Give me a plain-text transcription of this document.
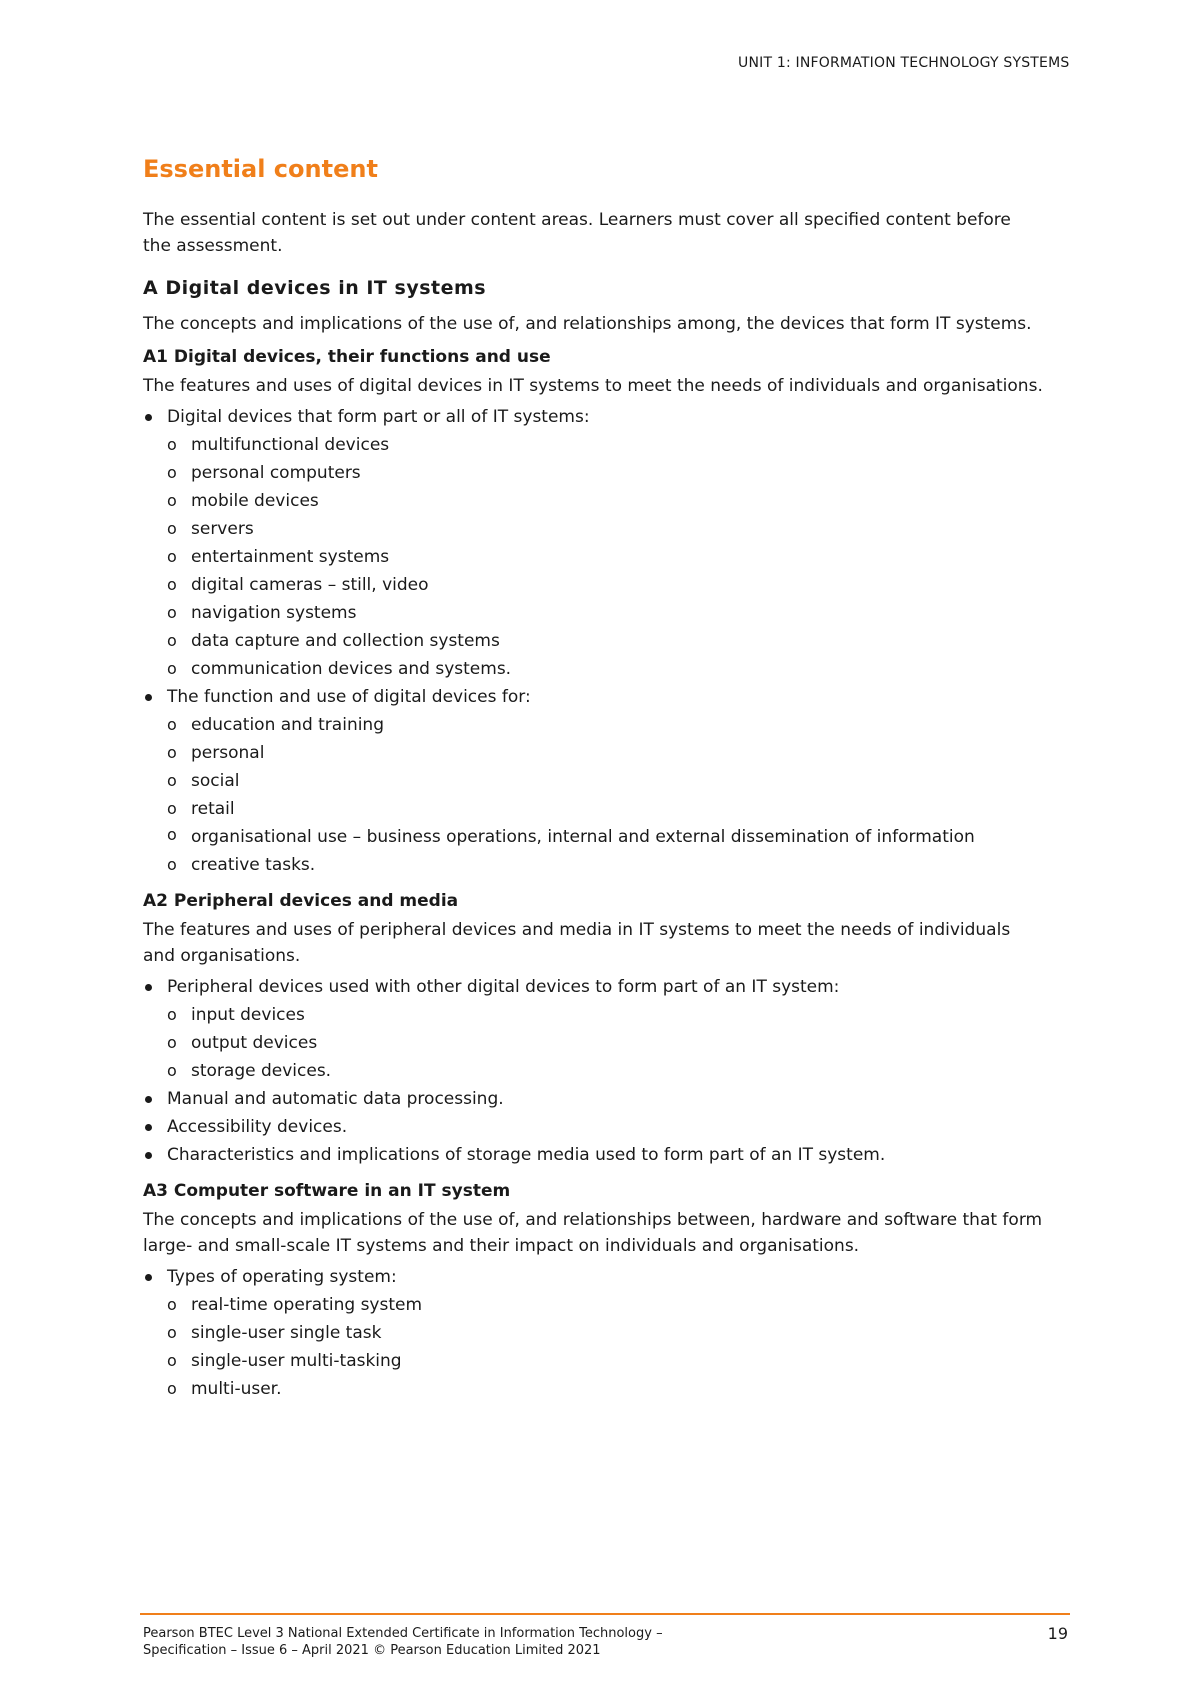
UNIT 1: INFORMATION TECHNOLOGY SYSTEMS
Essential content

The essential content is set out under content areas. Learners must cover all specified content before the assessment.

A Digital devices in IT systems

The concepts and implications of the use of, and relationships among, the devices that form IT systems.

A1 Digital devices, their functions and use

The features and uses of digital devices in IT systems to meet the needs of individuals and organisations.

Digital devices that form part or all of IT systems:
o multifunctional devices
o personal computers
o mobile devices
o servers
o entertainment systems
o digital cameras – still, video
o navigation systems
o data capture and collection systems
o communication devices and systems.
The function and use of digital devices for:
o education and training
o personal
o social
o retail
o organisational use – business operations, internal and external dissemination of information
o creative tasks.
A2 Peripheral devices and media

The features and uses of peripheral devices and media in IT systems to meet the needs of individuals and organisations.

Peripheral devices used with other digital devices to form part of an IT system:
o input devices
o output devices
o storage devices.
Manual and automatic data processing.
Accessibility devices.
Characteristics and implications of storage media used to form part of an IT system.
A3 Computer software in an IT system

The concepts and implications of the use of, and relationships between, hardware and software that form large- and small-scale IT systems and their impact on individuals and organisations.

Types of operating system:
o real-time operating system
o single-user single task
o single-user multi-tasking
o multi-user.
Pearson BTEC Level 3 National Extended Certificate in Information Technology –
Specification – Issue 6 – April 2021 © Pearson Education Limited 2021
19
